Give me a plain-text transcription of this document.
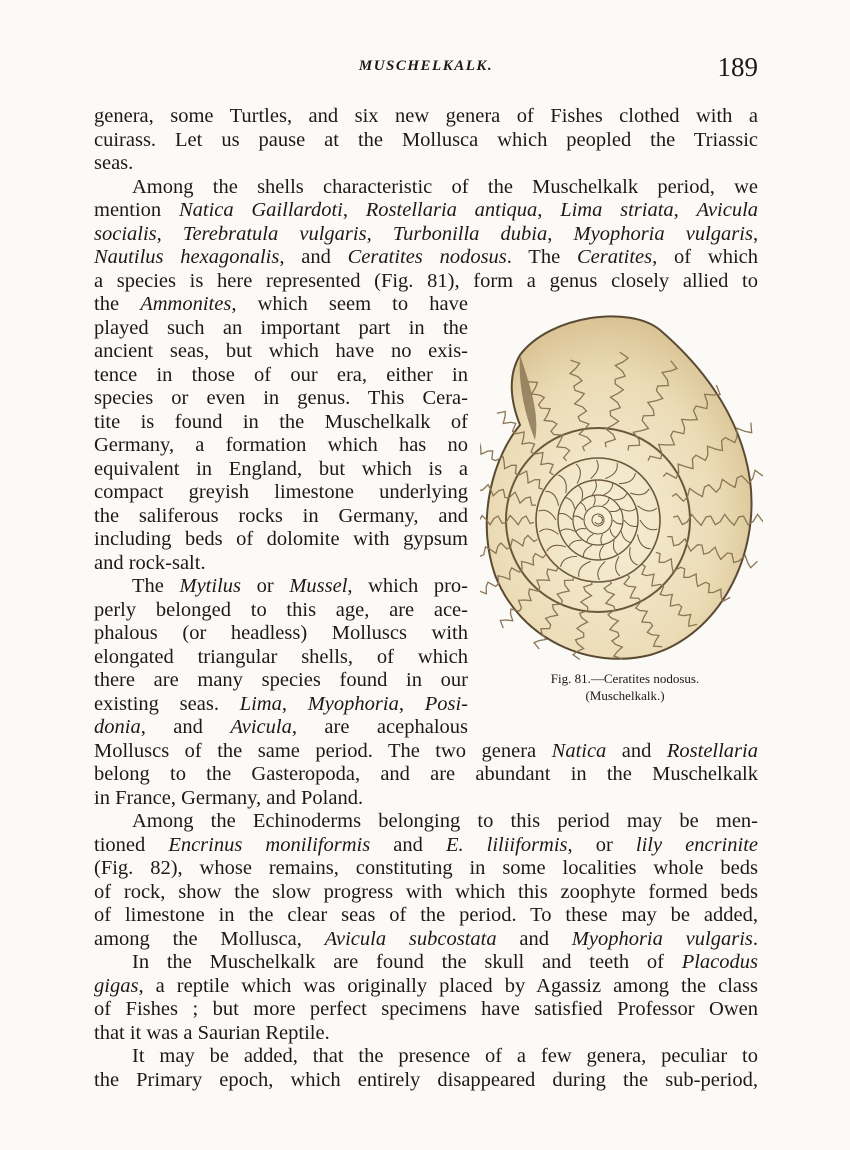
MUSCHELKALK.	189
genera, some Turtles, and six new genera of Fishes clothed with a
cuirass. Let us pause at the Mollusca which peopled the Triassic
seas.
Among the shells characteristic of the Muschelkalk period, we
mention Natica Gaillardoti, Rostellaria antiqua, Lima striata, Avicula
socialis, Terebratula vulgaris, Turbonilla dubia, Myophoria vulgaris,
Nautilus hexagonalis, and Ceratites nodosus. The Ceratites, of which
a species is here represented (Fig. 81), form a genus closely allied to
the Ammonites, which seem to have
played such an important part in the
ancient seas, but which have no exis-
tence in those of our era, either in
species or even in genus. This Cera-
tite is found in the Muschelkalk of
Germany, a formation which has no
equivalent in England, but which is a
compact greyish limestone underlying
the saliferous rocks in Germany, and
including beds of dolomite with gypsum
and rock-salt.
The Mytilus or Mussel, which pro-
perly belonged to this age, are ace-
phalous (or headless) Molluscs with
elongated triangular shells, of which
there are many species found in our
existing seas. Lima, Myophoria, Posi-
donia, and Avicula, are acephalous
Molluscs of the same period. The two genera Natica and Rostellaria
belong to the Gasteropoda, and are abundant in the Muschelkalk
in France, Germany, and Poland.
Among the Echinoderms belonging to this period may be men-
tioned Encrinus moniliformis and E. liliiformis, or lily encrinite
(Fig. 82), whose remains, constituting in some localities whole beds
of rock, show the slow progress with which this zoophyte formed beds
of limestone in the clear seas of the period. To these may be added,
among the Mollusca, Avicula subcostata and Myophoria vulgaris.
In the Muschelkalk are found the skull and teeth of Placodus
gigas, a reptile which was originally placed by Agassiz among the class
of Fishes ; but more perfect specimens have satisfied Professor Owen
that it was a Saurian Reptile.
It may be added, that the presence of a few genera, peculiar to
the Primary epoch, which entirely disappeared during the sub-period,
Fig. 81.—Ceratites nodosus.
(Muschelkalk.)
